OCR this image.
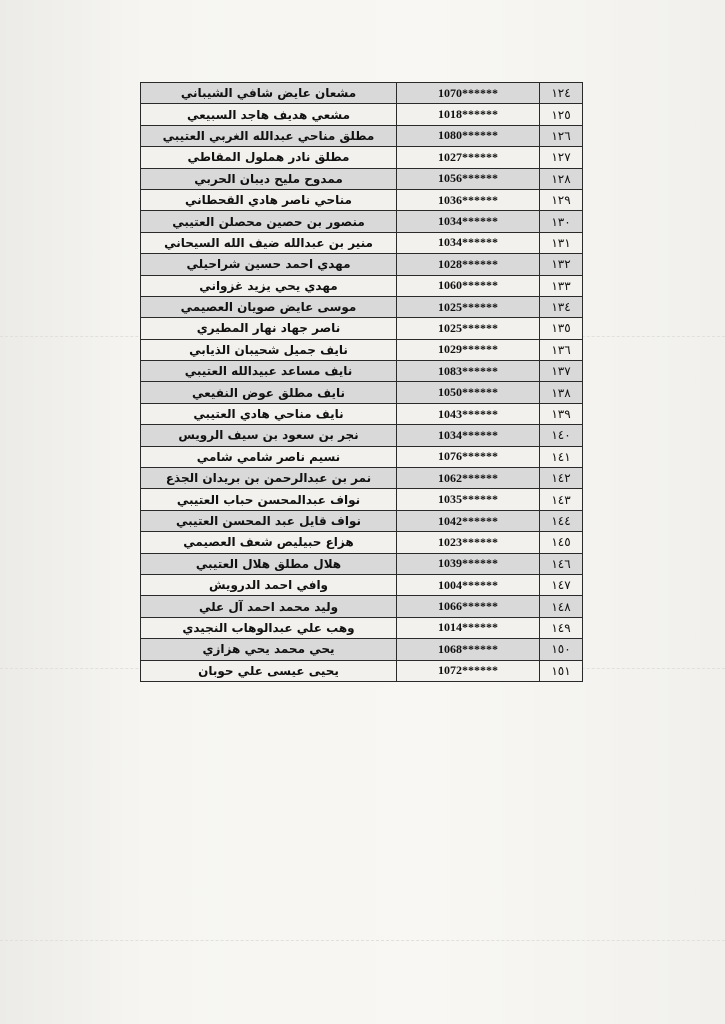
١٢٤	1070******	مشعان عايض شافي الشيباني
١٢٥	1018******	مشعي هديف هاجد السبيعي
١٢٦	1080******	مطلق مناحي عبدالله الغربي العتيبي
١٢٧	1027******	مطلق نادر هملول المقاطي
١٢٨	1056******	ممدوح مليح ديبان الحربي
١٢٩	1036******	مناحي ناصر هادي القحطاني
١٣٠	1034******	منصور بن حصين محصلن العتيبي
١٣١	1034******	منير بن عبدالله ضيف الله السيحاني
١٣٢	1028******	مهدي احمد حسين شراحيلي
١٣٣	1060******	مهدي يحي يزيد غزواني
١٣٤	1025******	موسى عايض صويان العصيمي
١٣٥	1025******	ناصر جهاد نهار المطيري
١٣٦	1029******	نايف جميل شحيبان الذيابي
١٣٧	1083******	نايف مساعد عبيدالله العتيبي
١٣٨	1050******	نايف مطلق عوض النفيعي
١٣٩	1043******	نايف مناحي هادي العتيبي
١٤٠	1034******	نجر بن سعود بن سيف الرويس
١٤١	1076******	نسيم ناصر شامي شامي
١٤٢	1062******	نمر بن عبدالرحمن بن بريدان الجذع
١٤٣	1035******	نواف عبدالمحسن حباب العتيبي
١٤٤	1042******	نواف قايل عبد المحسن العتيبي
١٤٥	1023******	هزاع حبيليص شعف العصيمي
١٤٦	1039******	هلال مطلق هلال العتيبي
١٤٧	1004******	وافي احمد الدرويش
١٤٨	1066******	وليد محمد احمد آل علي
١٤٩	1014******	وهب علي عبدالوهاب النجيدي
١٥٠	1068******	يحي محمد يحي هزازي
١٥١	1072******	يحيى عيسى علي حوبان
